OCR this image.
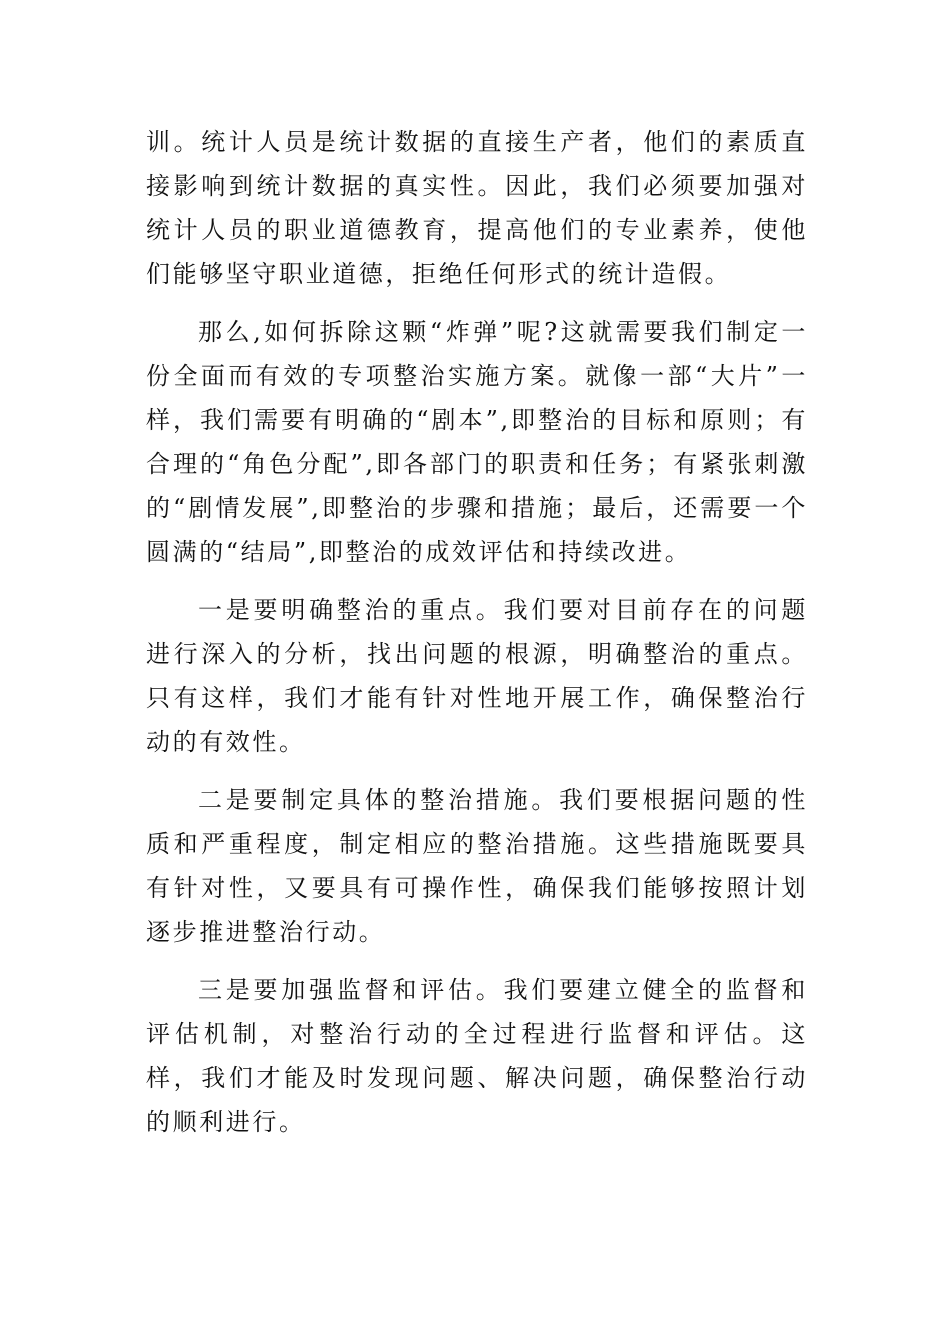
训。统计人员是统计数据的直接生产者，他们的素质直接影响到统计数据的真实性。因此，我们必须要加强对统计人员的职业道德教育，提高他们的专业素养，使他们能够坚守职业道德，拒绝任何形式的统计造假。

那么,如何拆除这颗“炸弹”呢?这就需要我们制定一份全面而有效的专项整治实施方案。就像一部“大片”一样，我们需要有明确的“剧本”,即整治的目标和原则；有合理的“角色分配”,即各部门的职责和任务；有紧张刺激的“剧情发展”,即整治的步骤和措施；最后，还需要一个圆满的“结局”,即整治的成效评估和持续改进。

一是要明确整治的重点。我们要对目前存在的问题进行深入的分析，找出问题的根源，明确整治的重点。只有这样，我们才能有针对性地开展工作，确保整治行动的有效性。

二是要制定具体的整治措施。我们要根据问题的性质和严重程度，制定相应的整治措施。这些措施既要具有针对性，又要具有可操作性，确保我们能够按照计划逐步推进整治行动。

三是要加强监督和评估。我们要建立健全的监督和评估机制，对整治行动的全过程进行监督和评估。这样，我们才能及时发现问题、解决问题，确保整治行动的顺利进行。
